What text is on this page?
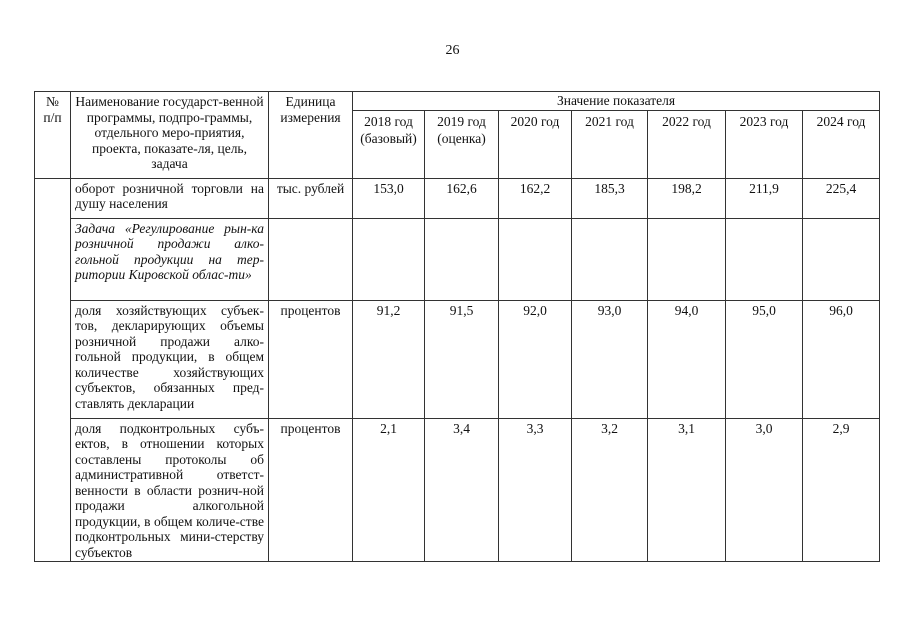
26
№ п/п	Наименование государст-венной программы, подпро-граммы, отдельного меро-приятия, проекта, показате-ля, цель, задача	Единица измерения	Значение показателя						
			2018 год (базовый)	2019 год (оценка)	2020 год	2021 год	2022 год	2023 год	2024 год
	оборот розничной торговли на душу населения	тыс. рублей	153,0	162,6	162,2	185,3	198,2	211,9	225,4
	Задача «Регулирование рын-ка розничной продажи алко-гольной продукции на тер-ритории Кировской облас-ти»								
	доля хозяйствующих субъек-тов, декларирующих объемы розничной продажи алко-гольной продукции, в общем количестве хозяйствующих субъектов, обязанных пред-ставлять декларации	процентов	91,2	91,5	92,0	93,0	94,0	95,0	96,0
	доля подконтрольных субъ-ектов, в отношении которых составлены протоколы об административной ответст-венности в области рознич-ной продажи алкогольной продукции, в общем количе-стве подконтрольных мини-стерству субъектов	процентов	2,1	3,4	3,3	3,2	3,1	3,0	2,9
